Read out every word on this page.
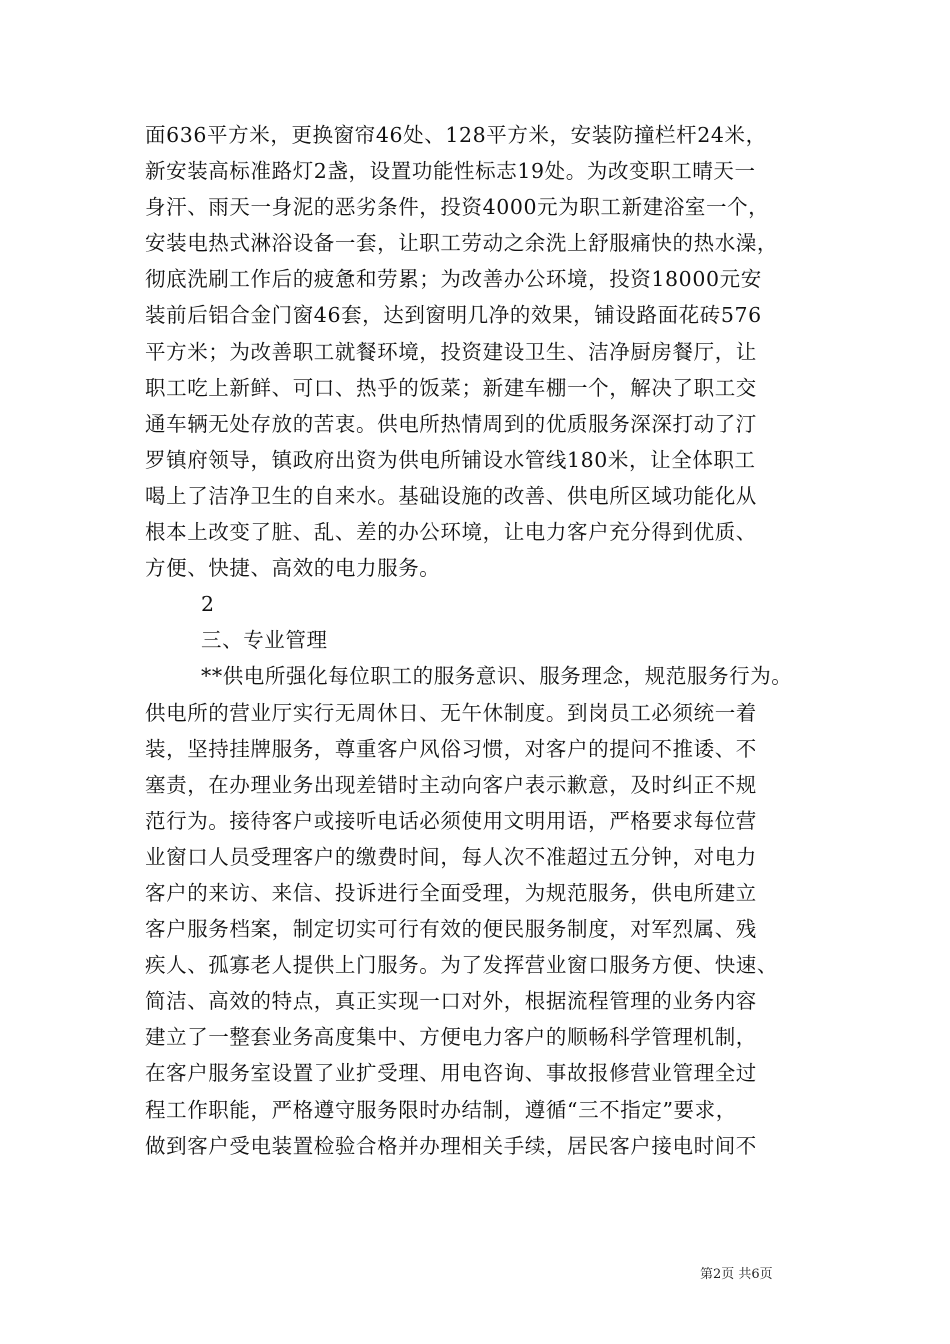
面636平方米，更换窗帘46处、128平方米，安装防撞栏杆24米，
新安装高标准路灯2盏，设置功能性标志19处。为改变职工晴天一
身汗、雨天一身泥的恶劣条件，投资4000元为职工新建浴室一个，
安装电热式淋浴设备一套，让职工劳动之余洗上舒服痛快的热水澡，
彻底洗刷工作后的疲惫和劳累；为改善办公环境，投资18000元安
装前后铝合金门窗46套，达到窗明几净的效果，铺设路面花砖576
平方米；为改善职工就餐环境，投资建设卫生、洁净厨房餐厅，让
职工吃上新鲜、可口、热乎的饭菜；新建车棚一个，解决了职工交
通车辆无处存放的苦衷。供电所热情周到的优质服务深深打动了汀
罗镇府领导，镇政府出资为供电所铺设水管线180米，让全体职工
喝上了洁净卫生的自来水。基础设施的改善、供电所区域功能化从
根本上改变了脏、乱、差的办公环境，让电力客户充分得到优质、
方便、快捷、高效的电力服务。
2
三、专业管理
**供电所强化每位职工的服务意识、服务理念，规范服务行为。
供电所的营业厅实行无周休日、无午休制度。到岗员工必须统一着
装，坚持挂牌服务，尊重客户风俗习惯，对客户的提问不推诿、不
塞责，在办理业务出现差错时主动向客户表示歉意，及时纠正不规
范行为。接待客户或接听电话必须使用文明用语，严格要求每位营
业窗口人员受理客户的缴费时间，每人次不准超过五分钟，对电力
客户的来访、来信、投诉进行全面受理，为规范服务，供电所建立
客户服务档案，制定切实可行有效的便民服务制度，对军烈属、残
疾人、孤寡老人提供上门服务。为了发挥营业窗口服务方便、快速、
简洁、高效的特点，真正实现一口对外，根据流程管理的业务内容
建立了一整套业务高度集中、方便电力客户的顺畅科学管理机制，
在客户服务室设置了业扩受理、用电咨询、事故报修营业管理全过
程工作职能，严格遵守服务限时办结制，遵循“三不指定”要求，
做到客户受电装置检验合格并办理相关手续，居民客户接电时间不
第2页 共6页
